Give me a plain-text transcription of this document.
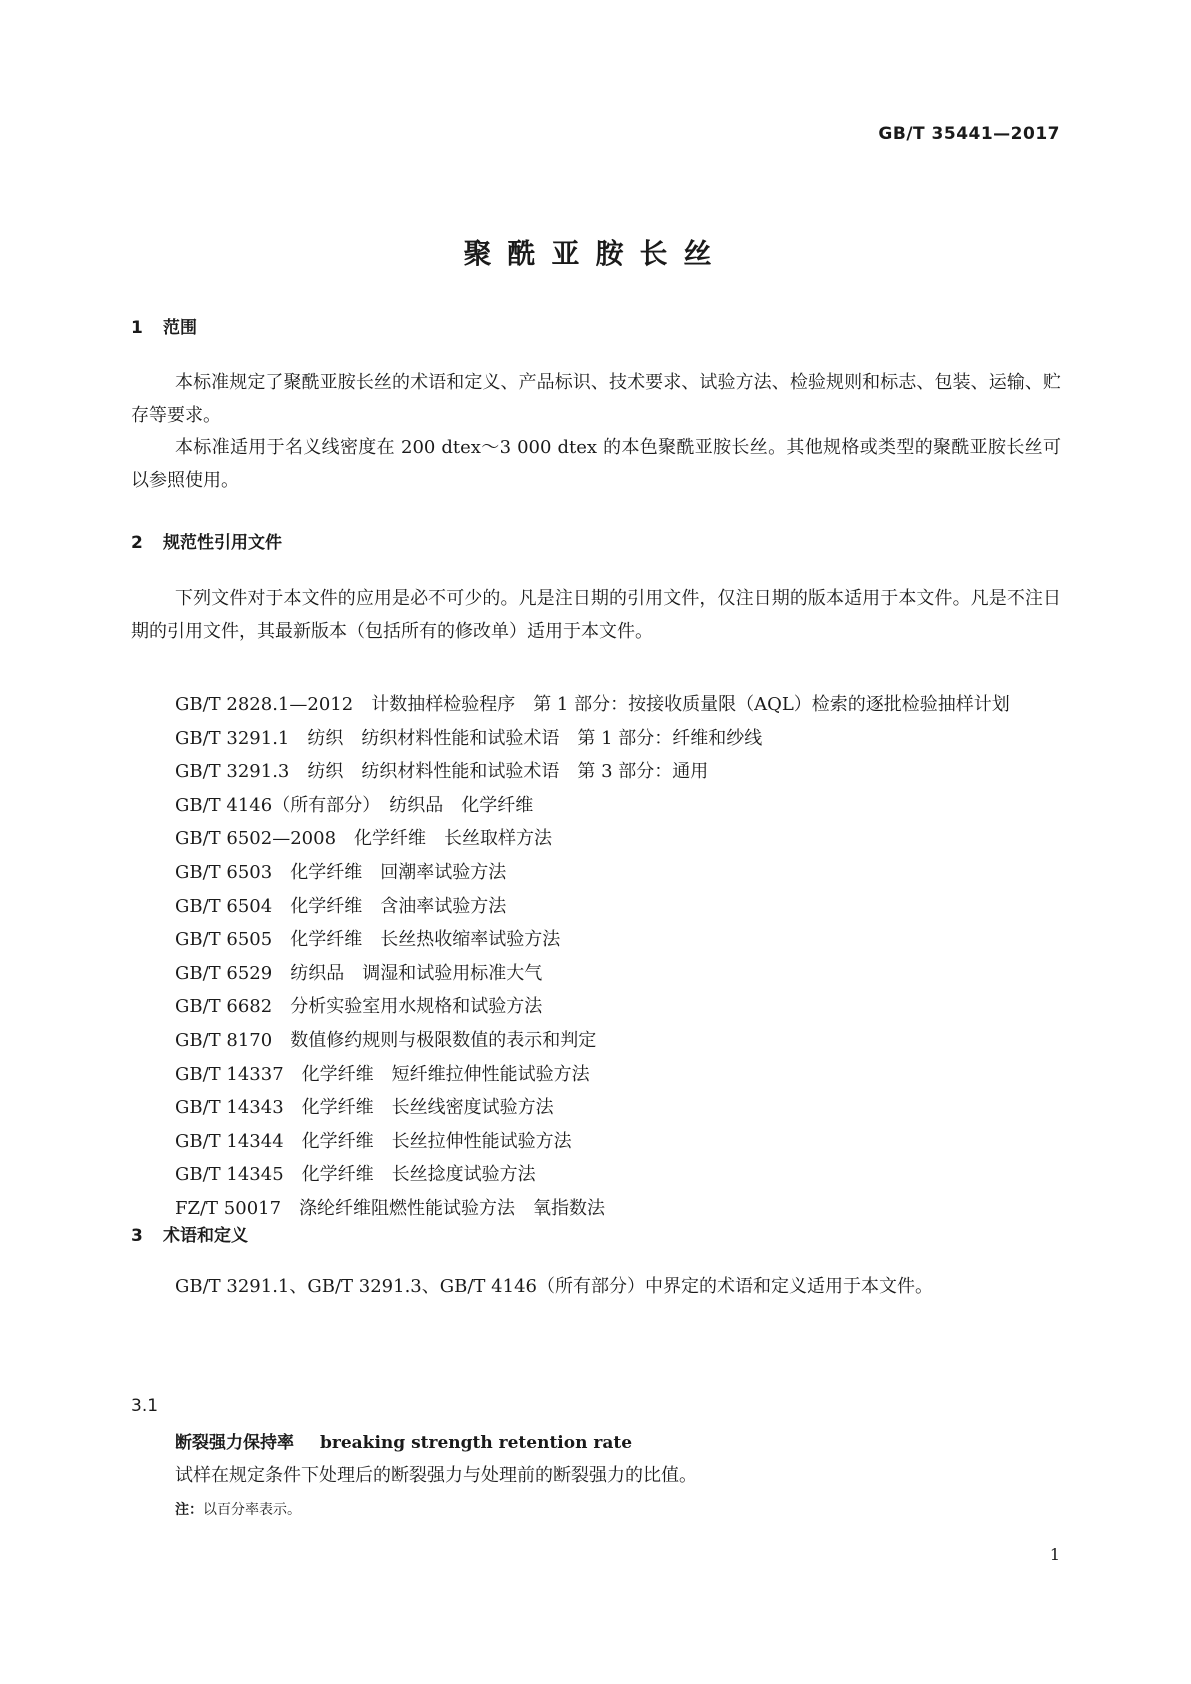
GB/T 35441—2017
聚酰亚胺长丝
1 范围

本标准规定了聚酰亚胺长丝的术语和定义、产品标识、技术要求、试验方法、检验规则和标志、包装、运输、贮存等要求。

本标准适用于名义线密度在 200 dtex～3 000 dtex 的本色聚酰亚胺长丝。其他规格或类型的聚酰亚胺长丝可以参照使用。

2 规范性引用文件

下列文件对于本文件的应用是必不可少的。凡是注日期的引用文件，仅注日期的版本适用于本文件。凡是不注日期的引用文件，其最新版本（包括所有的修改单）适用于本文件。

GB/T 2828.1—2012　计数抽样检验程序　第 1 部分：按接收质量限（AQL）检索的逐批检验抽样计划
GB/T 3291.1　纺织　纺织材料性能和试验术语　第 1 部分：纤维和纱线
GB/T 3291.3　纺织　纺织材料性能和试验术语　第 3 部分：通用
GB/T 4146（所有部分）　纺织品　化学纤维
GB/T 6502—2008　化学纤维　长丝取样方法
GB/T 6503　化学纤维　回潮率试验方法
GB/T 6504　化学纤维　含油率试验方法
GB/T 6505　化学纤维　长丝热收缩率试验方法
GB/T 6529　纺织品　调湿和试验用标准大气
GB/T 6682　分析实验室用水规格和试验方法
GB/T 8170　数值修约规则与极限数值的表示和判定
GB/T 14337　化学纤维　短纤维拉伸性能试验方法
GB/T 14343　化学纤维　长丝线密度试验方法
GB/T 14344　化学纤维　长丝拉伸性能试验方法
GB/T 14345　化学纤维　长丝捻度试验方法
FZ/T 50017　涤纶纤维阻燃性能试验方法　氧指数法
3 术语和定义

GB/T 3291.1、GB/T 3291.3、GB/T 4146（所有部分）中界定的术语和定义适用于本文件。

3.1
断裂强力保持率 breaking strength retention rate
试样在规定条件下处理后的断裂强力与处理前的断裂强力的比值。
注：以百分率表示。
1
